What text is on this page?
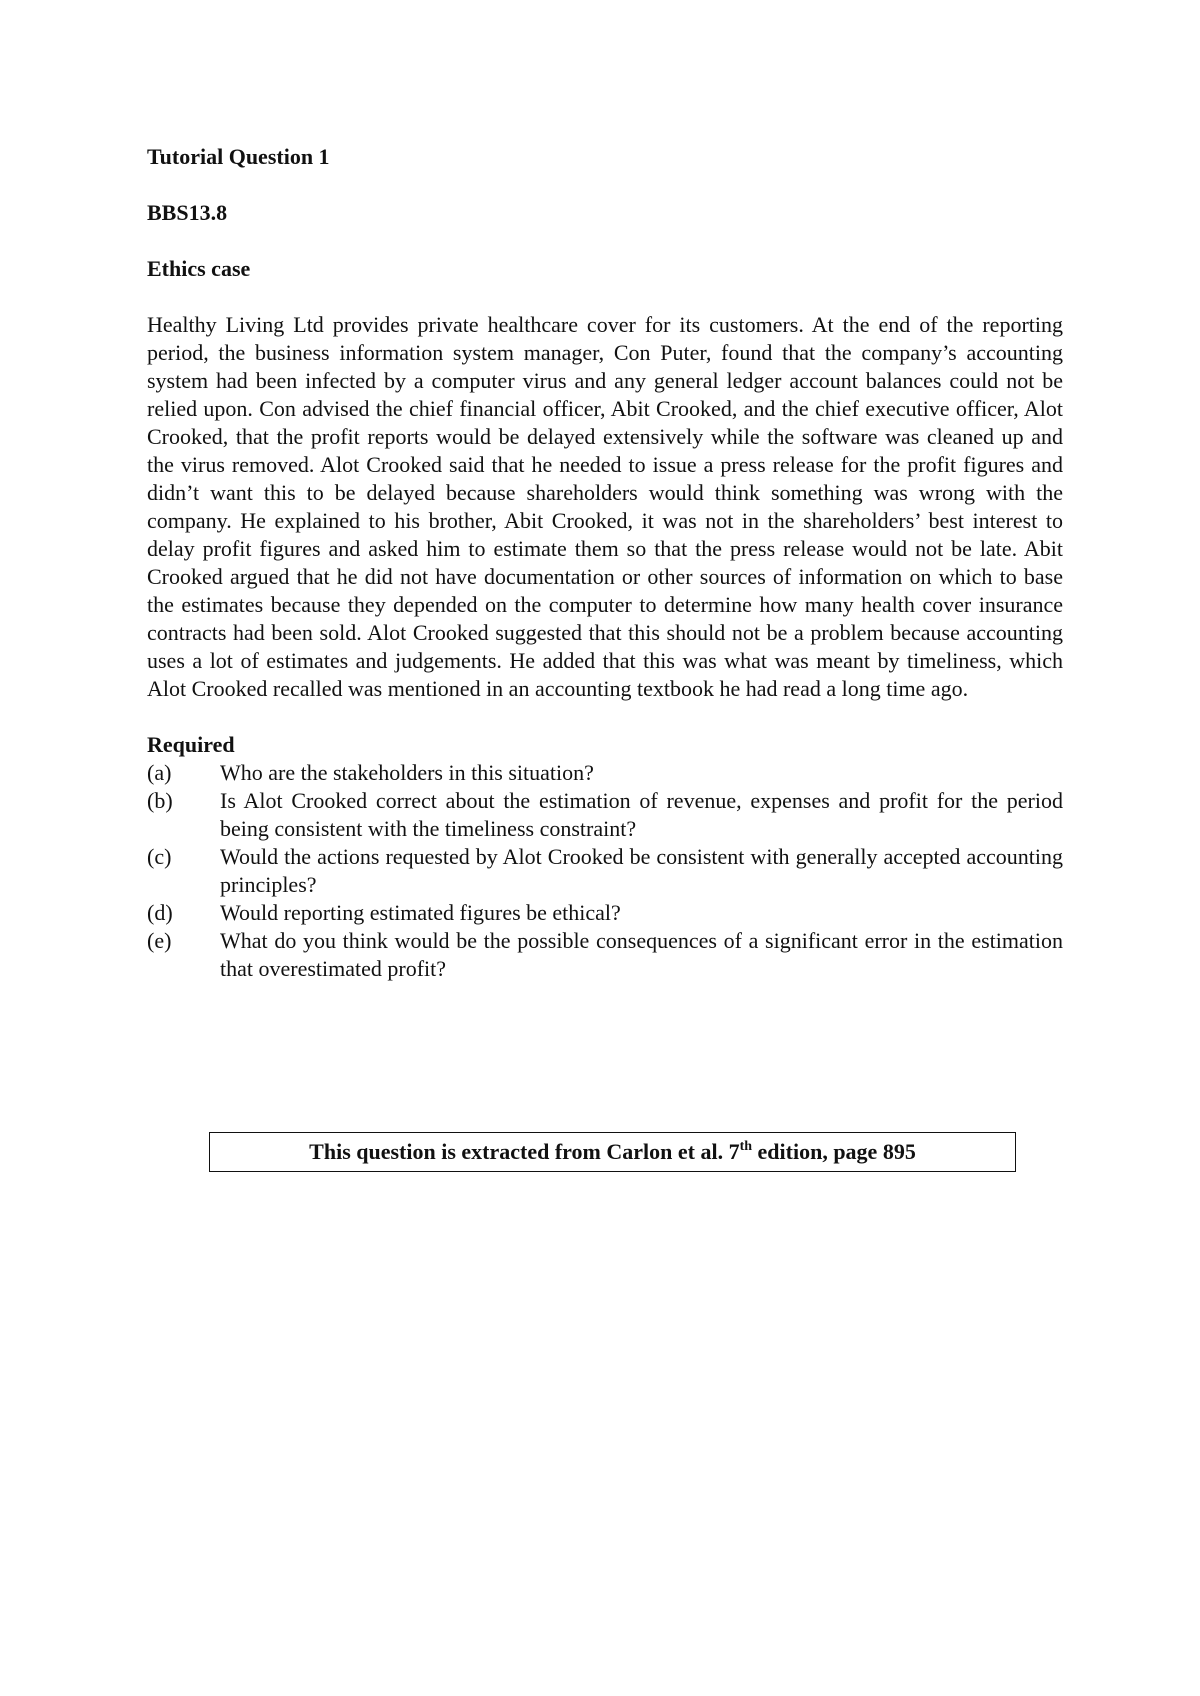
Tutorial Question 1

BBS13.8

Ethics case

Healthy Living Ltd provides private healthcare cover for its customers. At the end of the reporting period, the business information system manager, Con Puter, found that the company’s accounting system had been infected by a computer virus and any general ledger account balances could not be relied upon. Con advised the chief financial officer, Abit Crooked, and the chief executive officer, Alot Crooked, that the profit reports would be delayed extensively while the software was cleaned up and the virus removed. Alot Crooked said that he needed to issue a press release for the profit figures and didn’t want this to be delayed because shareholders would think something was wrong with the company. He explained to his brother, Abit Crooked, it was not in the shareholders’ best interest to delay profit figures and asked him to estimate them so that the press release would not be late. Abit Crooked argued that he did not have documentation or other sources of information on which to base the estimates because they depended on the computer to determine how many health cover insurance contracts had been sold. Alot Crooked suggested that this should not be a problem because accounting uses a lot of estimates and judgements. He added that this was what was meant by timeliness, which Alot Crooked recalled was mentioned in an accounting textbook he had read a long time ago.

Required

(a)	Who are the stakeholders in this situation?
(b)	Is Alot Crooked correct about the estimation of revenue, expenses and profit for the period being consistent with the timeliness constraint?
(c)	Would the actions requested by Alot Crooked be consistent with generally accepted accounting principles?
(d)	Would reporting estimated figures be ethical?
(e)	What do you think would be the possible consequences of a significant error in the estimation that overestimated profit?
This question is extracted from Carlon et al. 7th edition, page 895
